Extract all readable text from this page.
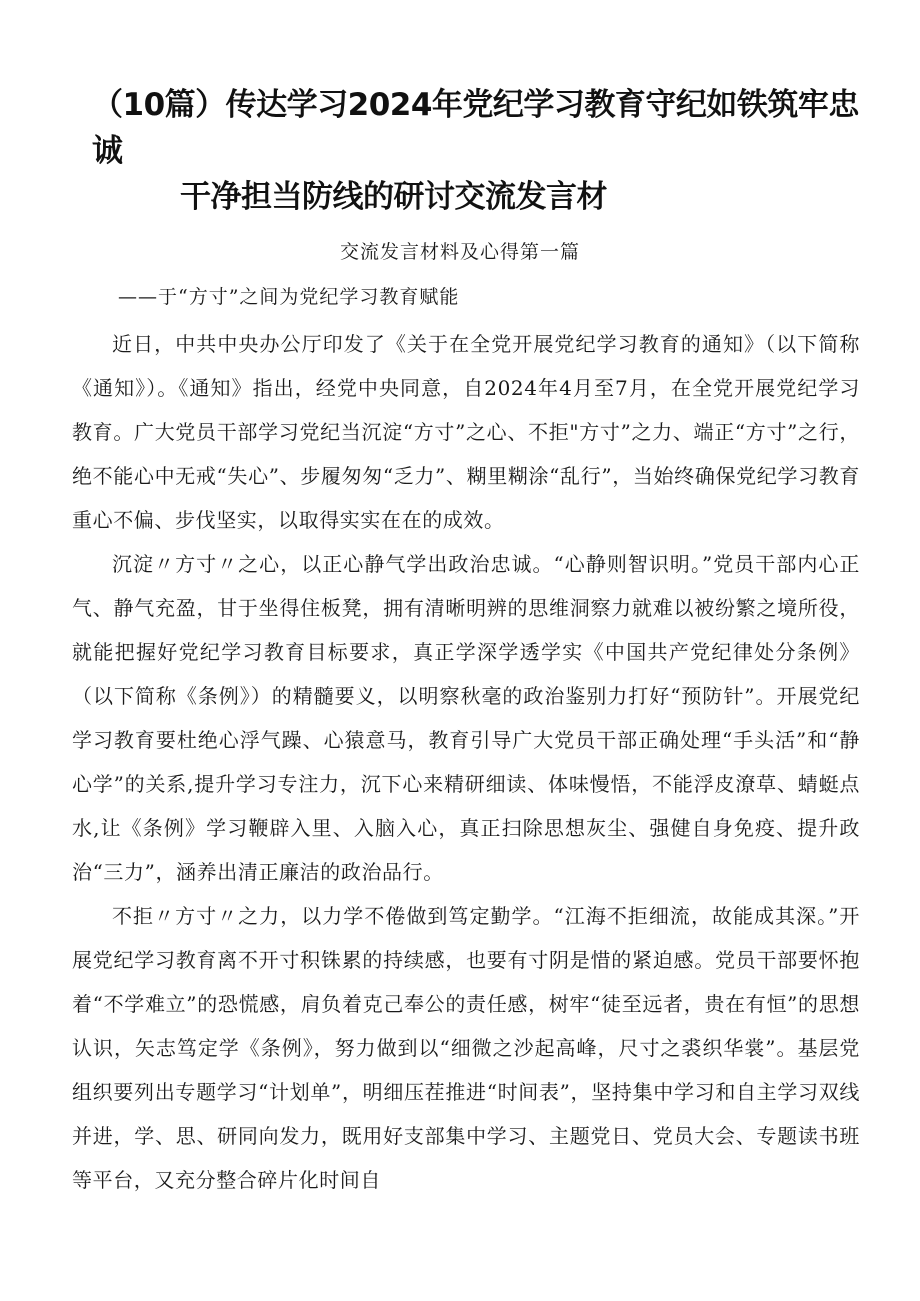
（10篇）传达学习2024年党纪学习教育守纪如铁筑牢忠诚
干净担当防线的研讨交流发言材

交流发言材料及心得第一篇

——于“方寸”之间为党纪学习教育赋能

近日，中共中央办公厅印发了《关于在全党开展党纪学习教育的通知》（以下简称《通知》）。《通知》指出，经党中央同意，自2024年4月至7月，在全党开展党纪学习教育。广大党员干部学习党纪当沉淀“方寸”之心、不拒"方寸”之力、端正“方寸”之行，绝不能心中无戒“失心”、步履匆匆“乏力”、糊里糊涂“乱行”，当始终确保党纪学习教育重心不偏、步伐坚实，以取得实实在在的成效。

沉淀〃方寸〃之心，以正心静气学出政治忠诚。“心静则智识明。”党员干部内心正气、静气充盈，甘于坐得住板凳，拥有清晰明辨的思维洞察力就难以被纷繁之境所役，就能把握好党纪学习教育目标要求，真正学深学透学实《中国共产党纪律处分条例》（以下简称《条例》）的精髓要义，以明察秋毫的政治鉴别力打好“预防针”。开展党纪学习教育要杜绝心浮气躁、心猿意马，教育引导广大党员干部正确处理“手头活”和“静心学”的关系,提升学习专注力，沉下心来精研细读、体味慢悟，不能浮皮潦草、蜻蜓点水,让《条例》学习鞭辟入里、入脑入心，真正扫除思想灰尘、强健自身免疫、提升政治“三力”，涵养出清正廉洁的政治品行。

不拒〃方寸〃之力，以力学不倦做到笃定勤学。“江海不拒细流，故能成其深。”开展党纪学习教育离不开寸积铢累的持续感，也要有寸阴是惜的紧迫感。党员干部要怀抱着“不学难立”的恐慌感，肩负着克己奉公的责任感，树牢“徒至远者，贵在有恒”的思想认识，矢志笃定学《条例》，努力做到以“细微之沙起高峰，尺寸之裘织华裳”。基层党组织要列出专题学习“计划单”，明细压茬推进“时间表”，坚持集中学习和自主学习双线并进，学、思、研同向发力，既用好支部集中学习、主题党日、党员大会、专题读书班等平台，又充分整合碎片化时间自
